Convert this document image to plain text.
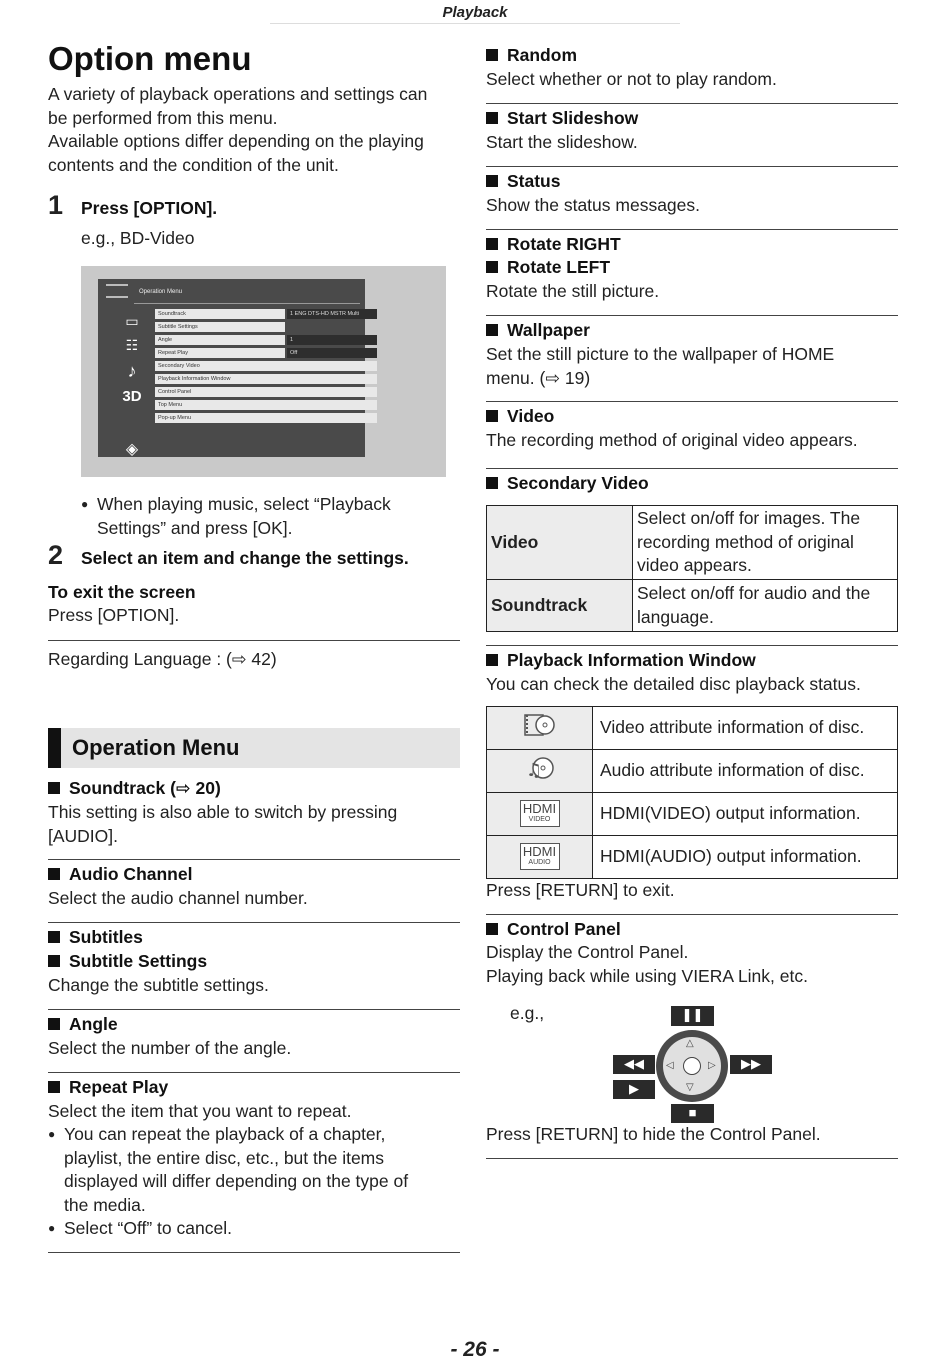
Playback
Option menu
A variety of playback operations and settings can
be performed from this menu.
Available options differ depending on the playing
contents and the condition of the unit.
1 Press [OPTION].
e.g., BD-Video
Operation Menu
▭
☷
♪
3D
◈
Soundtrack	1 ENG DTS-HD MSTR Multi
Subtitle Settings
Angle	1
Repeat Play	Off
Secondary Video
Playback Information Window
Control Panel
Top Menu
Pop-up Menu
● When playing music, select “Playback
Settings” and press [OK].
2 Select an item and change the settings.
To exit the screen
Press [OPTION].
Regarding Language : (⇨ 42)
Operation Menu
Soundtrack (⇨ 20)
This setting is also able to switch by pressing
[AUDIO].
Audio Channel
Select the audio channel number.
Subtitles
Subtitle Settings
Change the subtitle settings.
Angle
Select the number of the angle.
Repeat Play
Select the item that you want to repeat.
● You can repeat the playback of a chapter,
playlist, the entire disc, etc., but the items
displayed will differ depending on the type of
the media.
● Select “Off” to cancel.
Random
Select whether or not to play random.
Start Slideshow
Start the slideshow.
Status
Show the status messages.
Rotate RIGHT
Rotate LEFT
Rotate the still picture.
Wallpaper
Set the still picture to the wallpaper of HOME
menu. (⇨ 19)
Video
The recording method of original video appears.
Secondary Video
Video	Select on/off for images. The
recording method of original
video appears.

Soundtrack	Select on/off for audio and the
language.
Playback Information Window
You can check the detailed disc playback status.
	Video attribute information of disc.

♫	Audio attribute information of disc.

HDMI
VIDEO	HDMI(VIDEO) output information.

HDMI
AUDIO	HDMI(AUDIO) output information.
Press [RETURN] to exit.
Control Panel
Display the Control Panel.
Playing back while using VIERA Link, etc.
e.g.,	❚❚
◀◀	▶▶
▶
■
△
▽
◁	▷
Press [RETURN] to hide the Control Panel.
- 26 -
